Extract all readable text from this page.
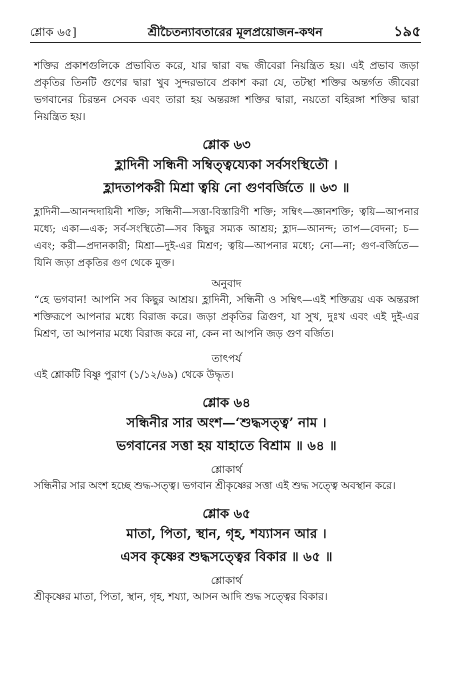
শ্লোক ৬৫]	শ্রীচৈতন্যাবতারের মূলপ্রয়োজন-কথন	১৯৫

শক্তির প্রকাশগুলিকে প্রভাবিত করে, যার দ্বারা বদ্ধ জীবেরা নিয়ন্ত্রিত হয়। এই প্রভাব জড়া প্রকৃতির তিনটি গুণের দ্বারা খুব সুন্দরভাবে প্রকাশ করা যে, তটস্থা শক্তির অন্তর্গত জীবেরা ভগবানের চিরন্তন সেবক এবং তারা হয় অন্তরঙ্গা শক্তির দ্বারা, নয়তো বহিরঙ্গা শক্তির দ্বারা নিয়ন্ত্রিত হয়।

শ্লোক ৬৩
হ্লাদিনী সন্ধিনী সম্বিত্ত্বয্যেকা সর্বসংস্থিতৌ ।
হ্লাদতাপকরী মিশ্রা ত্বয়ি নো গুণবর্জিতে ॥ ৬৩ ॥

হ্লাদিনী—আনন্দদায়িনী শক্তি; সন্ধিনী—সত্তা-বিস্তারিণী শক্তি; সম্বিৎ—জ্ঞানশক্তি; ত্বয়ি—আপনার মধ্যে; একা—এক; সর্ব-সংস্থিতৌ—সব কিছুর সম্যক আশ্রয়; হ্লাদ—আনন্দ; তাপ—বেদনা; চ—এবং; করী—প্রদানকারী; মিশ্রা—দুই-এর মিশ্রণ; ত্বয়ি—আপনার মধ্যে; নো—না; গুণ-বর্জিতে—যিনি জড়া প্রকৃতির গুণ থেকে মুক্ত।

অনুবাদ

“হে ভগবান! আপনি সব কিছুর আশ্রয়। হ্লাদিনী, সন্ধিনী ও সম্বিৎ—এই শক্তিত্রয় এক অন্তরঙ্গা শক্তিরূপে আপনার মধ্যে বিরাজ করে। জড়া প্রকৃতির ত্রিগুণ, যা সুখ, দুঃখ এবং এই দুই-এর মিশ্রণ, তা আপনার মধ্যে বিরাজ করে না, কেন না আপনি জড় গুণ বর্জিত।

তাৎপর্য

এই শ্লোকটি বিষ্ণু পুরাণ (১/১২/৬৯) থেকে উদ্ধৃত।

শ্লোক ৬৪
সন্ধিনীর সার অংশ—‘শুদ্ধসত্ত্ব’ নাম ।
ভগবানের সত্তা হয় যাহাতে বিশ্রাম ॥ ৬৪ ॥
শ্লোকার্থ

সন্ধিনীর সার অংশ হচ্ছে শুদ্ধ-সত্ত্ব। ভগবান শ্রীকৃষ্ণের সত্তা এই শুদ্ধ সত্ত্বে অবস্থান করে।

শ্লোক ৬৫
মাতা, পিতা, স্থান, গৃহ, শয্যাসন আর ।
এসব কৃষ্ণের শুদ্ধসত্ত্বের বিকার ॥ ৬৫ ॥
শ্লোকার্থ

শ্রীকৃষ্ণের মাতা, পিতা, স্থান, গৃহ, শয্যা, আসন আদি শুদ্ধ সত্ত্বের বিকার।
